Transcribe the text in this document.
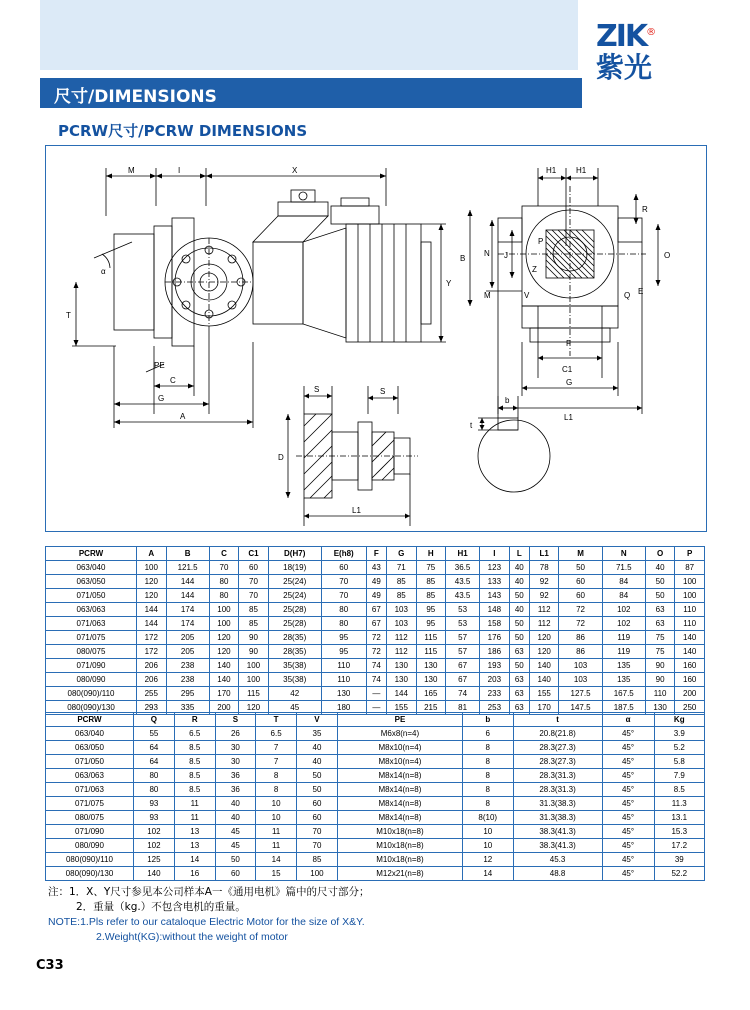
ZIK®
紫光
尺寸/DIMENSIONS
PCRW尺寸/PCRW DIMENSIONS
M	I	X
Y
α
T
PE
C
G
A
H1 H1
R
B
N J
M	V
Z
P
O
E
Q
F
C1
G
L1
S	S
D
L1
b
t
PCRW	A	B	C	C1	D(H7)	E(h8)	F	G	H	H1	I	L	L1	M	N	O	P
063/040	100	121.5	70	60	18(19)	60	43	71	75	36.5	123	40	78	50	71.5	40	87
063/050	120	144	80	70	25(24)	70	49	85	85	43.5	133	40	92	60	84	50	100
071/050	120	144	80	70	25(24)	70	49	85	85	43.5	143	50	92	60	84	50	100
063/063	144	174	100	85	25(28)	80	67	103	95	53	148	40	112	72	102	63	110
071/063	144	174	100	85	25(28)	80	67	103	95	53	158	50	112	72	102	63	110
071/075	172	205	120	90	28(35)	95	72	112	115	57	176	50	120	86	119	75	140
080/075	172	205	120	90	28(35)	95	72	112	115	57	186	63	120	86	119	75	140
071/090	206	238	140	100	35(38)	110	74	130	130	67	193	50	140	103	135	90	160
080/090	206	238	140	100	35(38)	110	74	130	130	67	203	63	140	103	135	90	160
080(090)/110	255	295	170	115	42	130	—	144	165	74	233	63	155	127.5	167.5	110	200
080(090)/130	293	335	200	120	45	180	—	155	215	81	253	63	170	147.5	187.5	130	250
PCRW	Q	R	S	T	V	PE	b	t	α	Kg
063/040	55	6.5	26	6.5	35	M6x8(n=4)	6	20.8(21.8)	45°	3.9
063/050	64	8.5	30	7	40	M8x10(n=4)	8	28.3(27.3)	45°	5.2
071/050	64	8.5	30	7	40	M8x10(n=4)	8	28.3(27.3)	45°	5.8
063/063	80	8.5	36	8	50	M8x14(n=8)	8	28.3(31.3)	45°	7.9
071/063	80	8.5	36	8	50	M8x14(n=8)	8	28.3(31.3)	45°	8.5
071/075	93	11	40	10	60	M8x14(n=8)	8	31.3(38.3)	45°	11.3
080/075	93	11	40	10	60	M8x14(n=8)	8(10)	31.3(38.3)	45°	13.1
071/090	102	13	45	11	70	M10x18(n=8)	10	38.3(41.3)	45°	15.3
080/090	102	13	45	11	70	M10x18(n=8)	10	38.3(41.3)	45°	17.2
080(090)/110	125	14	50	14	85	M10x18(n=8)	12	45.3	45°	39
080(090)/130	140	16	60	15	100	M12x21(n=8)	14	48.8	45°	52.2
注：1．X、Y尺寸参见本公司样本A一《通用电机》篇中的尺寸部分；
2．重量（kg.）不包含电机的重量。
NOTE:1.Pls refer to our cataloque Electric Motor for the size of X&Y.
2.Weight(KG):without the weight of motor
C33
